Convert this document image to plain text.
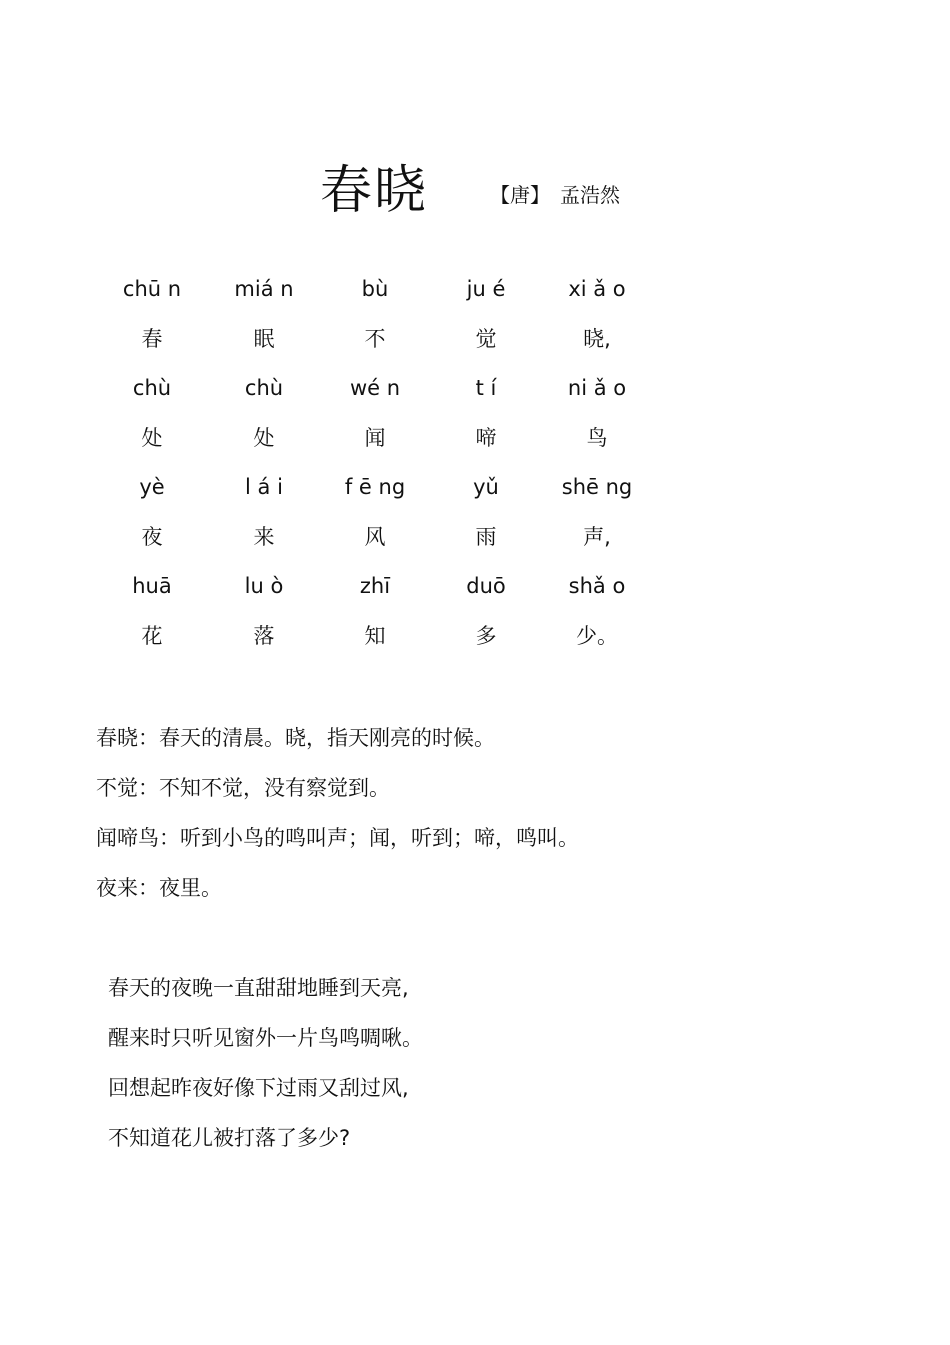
春晓	【唐】 孟浩然
chū n	miá n	bù	ju é	xi ǎ o
春	眠	不	觉	晓,
chù	chù	wé n	t í	ni ǎ o
处	处	闻	啼	鸟
yè	l á i	f ē ng	yǔ	shē ng
夜	来	风	雨	声,
huā	lu ò	zhī	duō	shǎ o
花	落	知	多	少。
春晓：春天的清晨。晓，指天刚亮的时候。
不觉：不知不觉，没有察觉到。
闻啼鸟：听到小鸟的鸣叫声；闻，听到；啼，鸣叫。
夜来：夜里。
春天的夜晚一直甜甜地睡到天亮,
醒来时只听见窗外一片鸟鸣啁啾。
回想起昨夜好像下过雨又刮过风,
不知道花儿被打落了多少?
